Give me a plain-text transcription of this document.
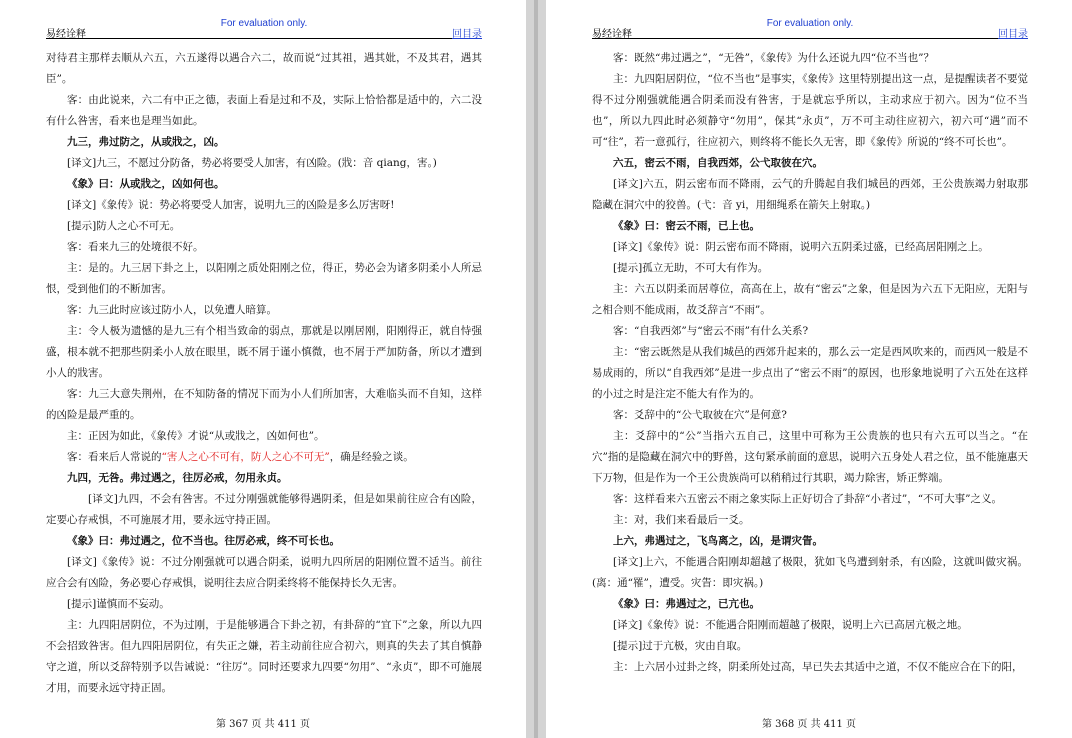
易经诠释
For evaluation only.
回目录

对待君主那样去顺从六五，六五遂得以遇合六二，故而说“过其祖，遇其妣，不及其君，遇其臣”。

客：由此说来，六二有中正之德，表面上看是过和不及，实际上恰恰都是适中的，六二没有什么咎害，看来也是理当如此。

九三，弗过防之，从或戕之，凶。

[译文]九三，不愿过分防备，势必将要受人加害，有凶险。(戕：音 qiang，害。)

《象》曰：从或戕之，凶如何也。

[译文]《象传》说：势必将要受人加害，说明九三的凶险是多么厉害呀!

[提示]防人之心不可无。

客：看来九三的处境很不好。

主：是的。九三居下卦之上，以阳刚之质处阳刚之位，得正，势必会为诸多阴柔小人所忌恨，受到他们的不断加害。

客：九三此时应该过防小人，以免遭人暗算。

主：令人极为遗憾的是九三有个相当致命的弱点，那就是以刚居刚，阳刚得正，就自恃强盛，根本就不把那些阴柔小人放在眼里，既不屑于谨小慎微，也不屑于严加防备，所以才遭到小人的戕害。

客：九三大意失荆州，在不知防备的情况下而为小人们所加害，大难临头而不自知，这样的凶险是最严重的。

主：正因为如此，《象传》才说“从或戕之，凶如何也”。

客：看来后人常说的“害人之心不可有，防人之心不可无”，确是经验之谈。

九四，无咎。弗过遇之，往厉必戒，勿用永贞。

[译文]九四，不会有咎害。不过分刚强就能够得遇阴柔，但是如果前往应合有凶险，定要心存戒惧，不可施展才用，要永远守持正固。

《象》曰：弗过遇之，位不当也。往厉必戒，终不可长也。

[译文]《象传》说：不过分刚强就可以遇合阴柔，说明九四所居的阳刚位置不适当。前往应合会有凶险，务必要心存戒惧，说明往去应合阴柔终将不能保持长久无害。

[提示]谨慎而不妄动。

主：九四阳居阴位，不为过刚，于是能够遇合下卦之初，有卦辞的“宜下”之象，所以九四不会招致咎害。但九四阳居阴位，有失正之嫌，若主动前往应合初六，则真的失去了其自慎静守之道，所以爻辞特别予以告诫说：“往厉”。同时还要求九四要“勿用”、“永贞”，即不可施展才用，而要永远守持正固。

第 367 页 共 411 页
易经诠释
For evaluation only.
回目录

客：既然“弗过遇之”，“无咎”，《象传》为什么还说九四“位不当也”？

主：九四阳居阴位，“位不当也”是事实，《象传》这里特别提出这一点，是提醒读者不要觉得不过分刚强就能遇合阴柔而没有咎害，于是就忘乎所以，主动求应于初六。因为“位不当也”，所以九四此时必须静守“勿用”，保其“永贞”，万不可主动往应初六，初六可“遇”而不可“往”，若一意孤行，往应初六，则终将不能长久无害，即《象传》所说的“终不可长也”。

六五，密云不雨，自我西郊，公弋取彼在穴。

[译文]六五，阴云密布而不降雨，云气的升腾起自我们城邑的西郊，王公贵族竭力射取那隐藏在洞穴中的狡兽。(弋：音 yi，用细绳系在箭矢上射取。)

《象》曰：密云不雨，已上也。

[译文]《象传》说：阴云密布而不降雨，说明六五阴柔过盛，已经高居阳刚之上。

[提示]孤立无助，不可大有作为。

主：六五以阴柔而居尊位，高高在上，故有“密云”之象，但是因为六五下无阳应，无阳与之相合则不能成雨，故爻辞言“不雨”。

客：“自我西郊”与“密云不雨”有什么关系?

主：“密云既然是从我们城邑的西郊升起来的，那么云一定是西风吹来的，而西风一般是不易成雨的，所以“自我西郊”是进一步点出了“密云不雨”的原因，也形象地说明了六五处在这样的小过之时是注定不能大有作为的。

客：爻辞中的“公弋取彼在穴”是何意?

主：爻辞中的“公”当指六五自己，这里中可称为王公贵族的也只有六五可以当之。“在穴”指的是隐藏在洞穴中的野兽，这句紧承前面的意思，说明六五身处人君之位，虽不能施惠天下万物，但是作为一个王公贵族尚可以稍稍过行其职，竭力除害，矫正弊端。

客：这样看来六五密云不雨之象实际上正好切合了卦辞“小者过”，“不可大事”之义。

主：对，我们来看最后一爻。

上六，弗遇过之，飞鸟离之，凶，是谓灾眚。

[译文]上六，不能遇合阳刚却超越了极限，犹如飞鸟遭到射杀，有凶险，这就叫做灾祸。(离：通“罹”，遭受。灾眚：即灾祸。)

《象》曰：弗遇过之，已亢也。

[译文]《象传》说：不能遇合阳刚而超越了极限，说明上六已高居亢极之地。

[提示]过于亢极，灾由自取。

主：上六居小过卦之终，阴柔所处过高，早已失去其适中之道，不仅不能应合在下的阳，

第 368 页 共 411 页
